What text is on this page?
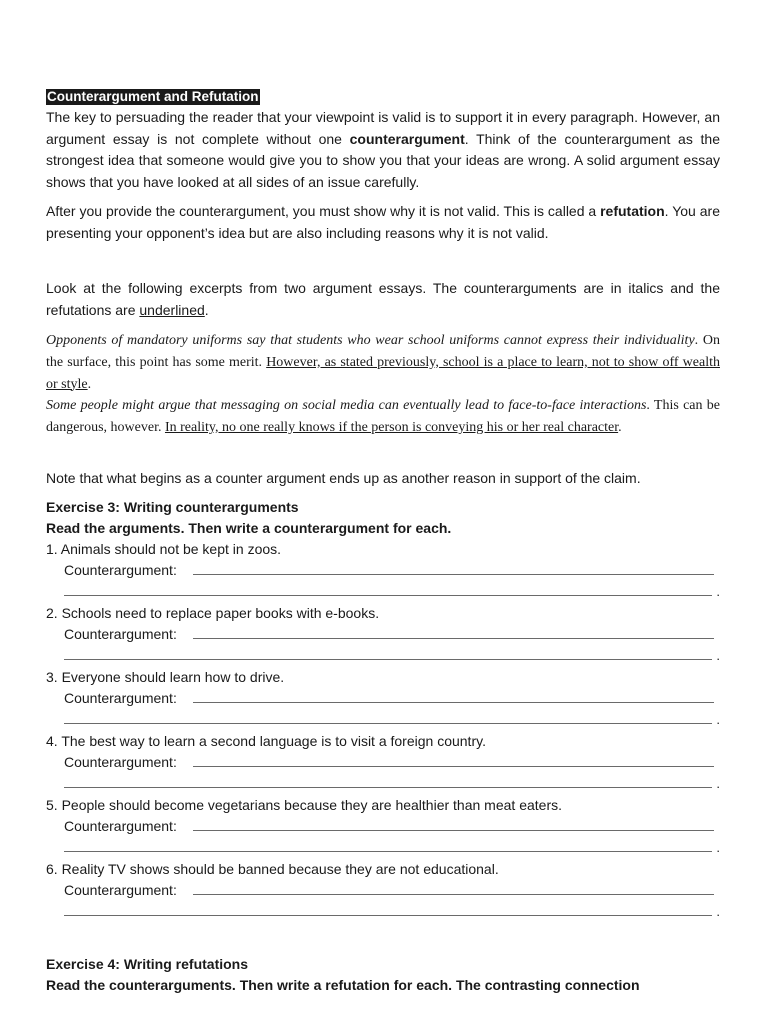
Counterargument and Refutation

The key to persuading the reader that your viewpoint is valid is to support it in every paragraph. However, an argument essay is not complete without one counterargument. Think of the counterargument as the strongest idea that someone would give you to show you that your ideas are wrong. A solid argument essay shows that you have looked at all sides of an issue carefully.

After you provide the counterargument, you must show why it is not valid. This is called a refutation. You are presenting your opponent’s idea but are also including reasons why it is not valid.

Look at the following excerpts from two argument essays. The counterarguments are in italics and the refutations are underlined.

Opponents of mandatory uniforms say that students who wear school uniforms cannot express their individuality. On the surface, this point has some merit. However, as stated previously, school is a place to learn, not to show off wealth or style.

Some people might argue that messaging on social media can eventually lead to face-to-face interactions. This can be dangerous, however. In reality, no one really knows if the person is conveying his or her real character.

Note that what begins as a counter argument ends up as another reason in support of the claim.

Exercise 3: Writing counterarguments

Read the arguments. Then write a counterargument for each.

1. Animals should not be kept in zoos.
Counterargument:
.
2. Schools need to replace paper books with e-books.
Counterargument:
.
3. Everyone should learn how to drive.
Counterargument:
.
4. The best way to learn a second language is to visit a foreign country.
Counterargument:
.
5. People should become vegetarians because they are healthier than meat eaters.
Counterargument:
.
6. Reality TV shows should be banned because they are not educational.
Counterargument:
.

Exercise 4: Writing refutations

Read the counterarguments. Then write a refutation for each. The contrasting connection
